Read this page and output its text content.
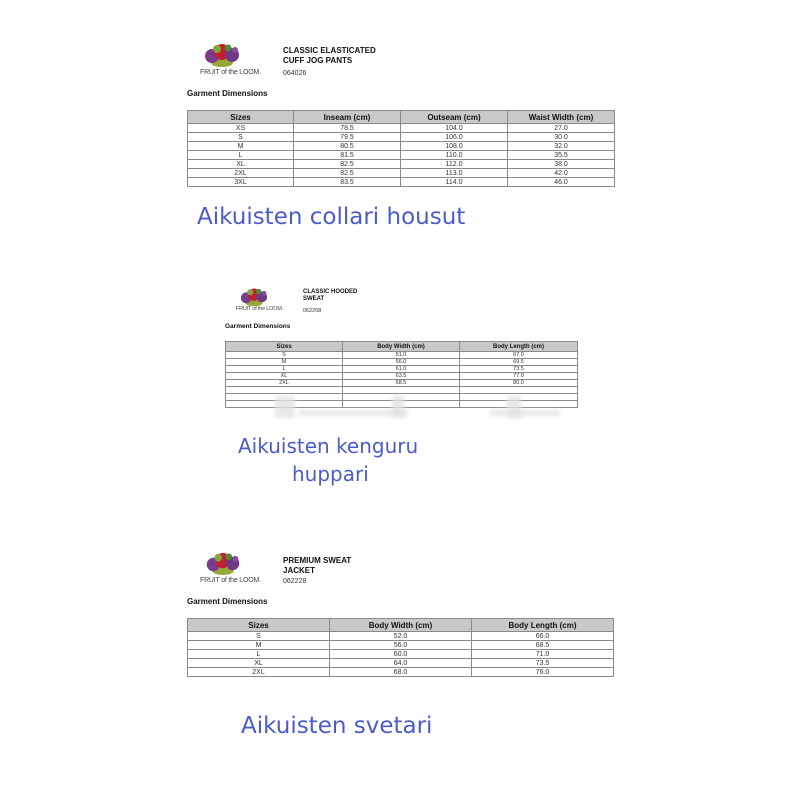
FRUIT of the LOOM.
CLASSIC ELASTICATED
CUFF JOG PANTS
064026
Garment Dimensions
Sizes	Inseam (cm)	Outseam (cm)	Waist Width (cm)
XS	78.5	104.0	27.0
S	79.5	106.0	30.0
M	80.5	108.0	32.0
L	81.5	110.0	35.5
XL	82.5	112.0	38.0
2XL	82.5	113.0	42.0
3XL	83.5	114.0	46.0
Aikuisten collari housut
FRUIT of the LOOM.
CLASSIC HOODED
SWEAT
062208
Garment Dimensions
Sizes	Body Width (cm)	Body Length (cm)
S	51.0	67.0
M	56.0	69.5
L	61.0	73.5
XL	63.5	77.0
2XL	68.5	80.0

Aikuisten kenguru
huppari
FRUIT of the LOOM.
PREMIUM SWEAT
JACKET
062228
Garment Dimensions
Sizes	Body Width (cm)	Body Length (cm)
S	52.0	66.0
M	56.0	68.5
L	60.0	71.0
XL	64.0	73.5
2XL	68.0	76.0
Aikuisten svetari
